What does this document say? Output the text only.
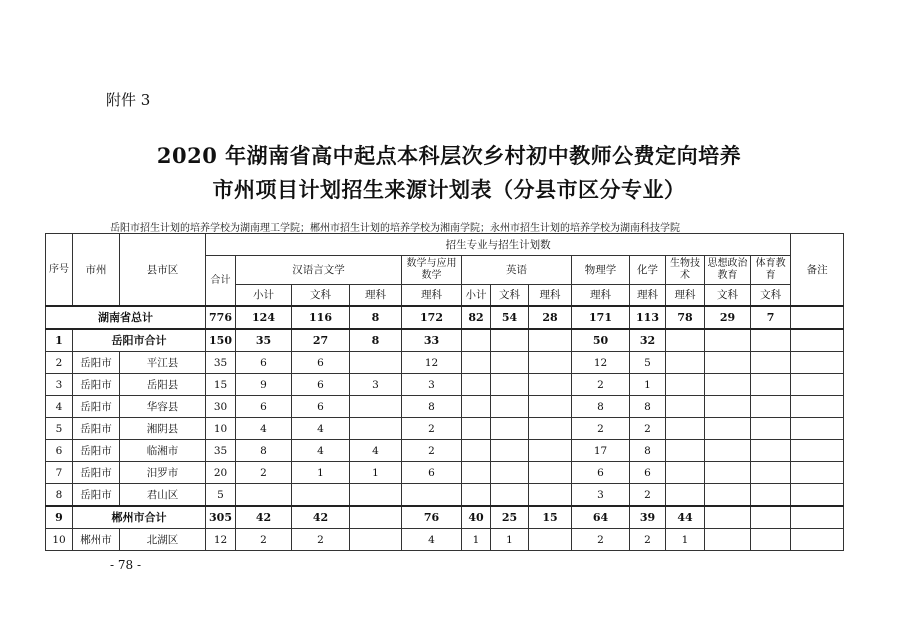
附件 3
2020 年湖南省高中起点本科层次乡村初中教师公费定向培养
市州项目计划招生来源计划表（分县市区分专业）
岳阳市招生计划的培养学校为湖南理工学院；郴州市招生计划的培养学校为湘南学院；永州市招生计划的培养学校为湖南科技学院
序号	市州	县市区	招生专业与招生计划数													备注
			合计	汉语言文学			数学与应用数学	英语			物理学	化学	生物技术	思想政治教育	体育教育	
				小计	文科	理科	理科	小计	文科	理科	理科	理科	理科	文科	文科	
湖南省总计			776	124	116	8	172	82	54	28	171	113	78	29	7	
1	岳阳市合计		150	35	27	8	33				50	32				
2	岳阳市	平江县	35	6	6		12				12	5				
3	岳阳市	岳阳县	15	9	6	3	3				2	1				
4	岳阳市	华容县	30	6	6		8				8	8				
5	岳阳市	湘阴县	10	4	4		2				2	2				
6	岳阳市	临湘市	35	8	4	4	2				17	8				
7	岳阳市	汨罗市	20	2	1	1	6				6	6				
8	岳阳市	君山区	5								3	2				
9	郴州市合计		305	42	42		76	40	25	15	64	39	44			
10	郴州市	北湖区	12	2	2		4	1	1		2	2	1			
- 78 -
